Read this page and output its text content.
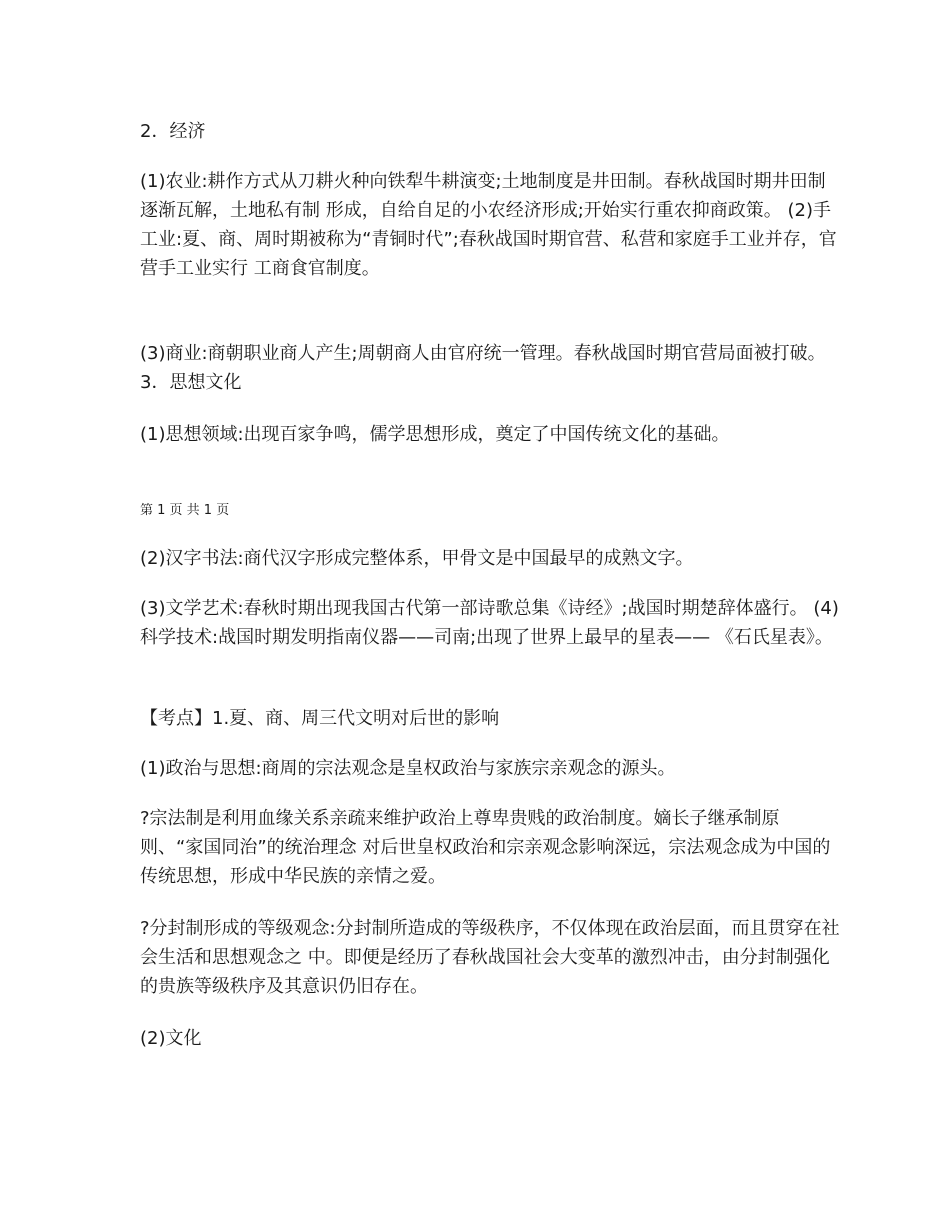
2．经济

(1)农业:耕作方式从刀耕火种向铁犁牛耕演变;土地制度是井田制。春秋战国时期井田制逐渐瓦解，土地私有制 形成，自给自足的小农经济形成;开始实行重农抑商政策。 (2)手工业:夏、商、周时期被称为“青铜时代”;春秋战国时期官营、私营和家庭手工业并存，官营手工业实行 工商食官制度。

(3)商业:商朝职业商人产生;周朝商人由官府统一管理。春秋战国时期官营局面被打破。 3．思想文化

(1)思想领域:出现百家争鸣，儒学思想形成，奠定了中国传统文化的基础。

第 1 页 共 1 页

(2)汉字书法:商代汉字形成完整体系，甲骨文是中国最早的成熟文字。

(3)文学艺术:春秋时期出现我国古代第一部诗歌总集《诗经》;战国时期楚辞体盛行。 (4)科学技术:战国时期发明指南仪器——司南;出现了世界上最早的星表—— 《石氏星表》。

【考点】1.夏、商、周三代文明对后世的影响

(1)政治与思想:商周的宗法观念是皇权政治与家族宗亲观念的源头。

?宗法制是利用血缘关系亲疏来维护政治上尊卑贵贱的政治制度。嫡长子继承制原则、“家国同治”的统治理念 对后世皇权政治和宗亲观念影响深远，宗法观念成为中国的传统思想，形成中华民族的亲情之爱。

?分封制形成的等级观念:分封制所造成的等级秩序，不仅体现在政治层面，而且贯穿在社会生活和思想观念之 中。即便是经历了春秋战国社会大变革的激烈冲击，由分封制强化的贵族等级秩序及其意识仍旧存在。

(2)文化
